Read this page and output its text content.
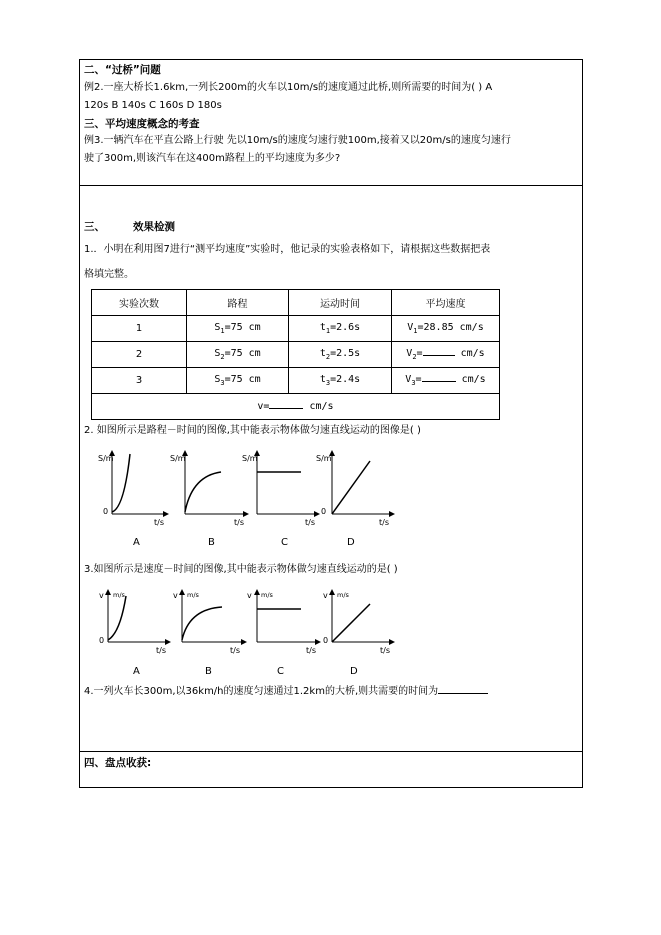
二、“过桥”问题
例2.一座大桥长1.6km,一列长200m的火车以10m/s的速度通过此桥,则所需要的时间为( ) A
120s B 140s C 160s D 180s
三、平均速度概念的考查
例3.一辆汽车在平直公路上行驶 先以10m/s的速度匀速行驶100m,接着又以20m/s的速度匀速行
驶了300m,则该汽车在这400m路程上的平均速度为多少?
三、	效果检测
1.．小明在利用图7进行“测平均速度”实验时，他记录的实验表格如下，请根据这些数据把表
格填完整。
实验次数	路程	运动时间	平均速度
1	$S_1=75$ cm	$t_1=2.6s$	$V_1=28.85$ cm/s
2	$S_2=75$ cm	$t_2=2.5s$	$V_2= cm/s$
3	$S_3=75$ cm	$t_3=2.4s$	$V_3= cm/s$
v= cm/s			
2. 如图所示是路程－时间的图像,其中能表示物体做匀速直线运动的图像是( )
S/m
0
t/s
S/m
t/s
S/m
t/s
S/m
0
t/s
A	B	C	D
3.如图所示是速度－时间的图像,其中能表示物体做匀速直线运动的是( )
v m/s
0
t/s
v m/s
t/s
v m/s
t/s
v m/s
0
t/s
A	B	C	D
4.一列火车长300m,以36km/h的速度匀速通过1.2km的大桥,则共需要的时间为
四、盘点收获:
